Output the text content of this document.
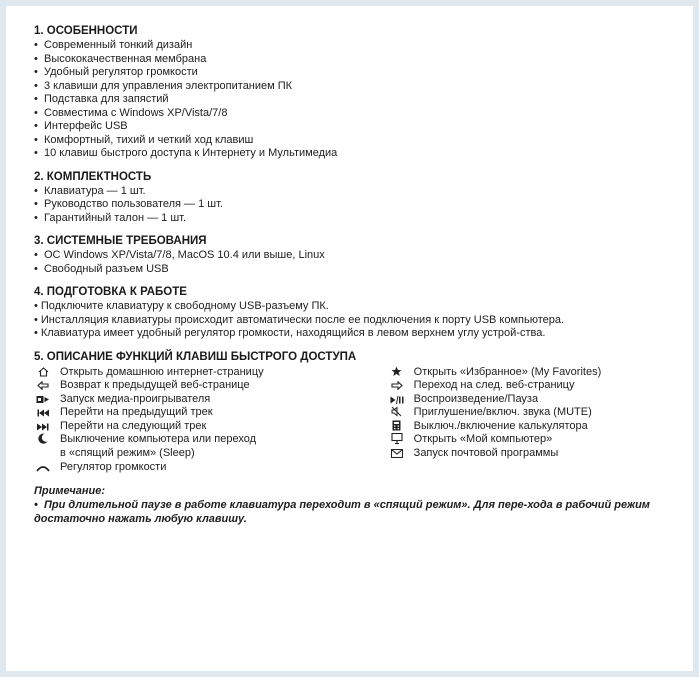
1. ОСОБЕННОСТИ
• Современный тонкий дизайн
• Высококачественная мембрана
• Удобный регулятор громкости
• 3 клавиши для управления электропитанием ПК
• Подставка для запястий
• Совместима с Windows XP/Vista/7/8
• Интерфейс USB
• Комфортный, тихий и четкий ход клавиш
• 10 клавиш быстрого доступа к Интернету и Мультимедиа
2. КОМПЛЕКТНОСТЬ
• Клавиатура — 1 шт.
• Руководство пользователя — 1 шт.
• Гарантийный талон — 1 шт.
3. СИСТЕМНЫЕ ТРЕБОВАНИЯ
• ОС Windows XP/Vista/7/8, MacOS 10.4 или выше, Linux
• Свободный разъем USB
4. ПОДГОТОВКА К РАБОТЕ

• Подключите клавиатуру к свободному USB-разъему ПК.

• Инсталляция клавиатуры происходит автоматически после ее подключения к порту USB компьютера.

• Клавиатура имеет удобный регулятор громкости, находящийся в левом верхнем углу устрой-ства.

5. ОПИСАНИЕ ФУНКЦИЙ КЛАВИШ БЫСТРОГО ДОСТУПА
Открыть домашнюю интернет-страницу
Возврат к предыдущей веб-странице
Запуск медиа-проигрывателя
Перейти на предыдущий трек
Перейти на следующий трек
Выключение компьютера или переход
в «спящий режим» (Sleep)
Регулятор громкости
Открыть «Избранное» (My Favorites)
Переход на след. веб-страницу
Воспроизведение/Пауза
Приглушение/включ. звука (MUTE)
Выключ./включение калькулятора
Открыть «Мой компьютер»
Запуск почтовой программы

Примечание:

• При длительной паузе в работе клавиатура переходит в «спящий режим». Для пере-хода в рабочий режим достаточно нажать любую клавишу.
